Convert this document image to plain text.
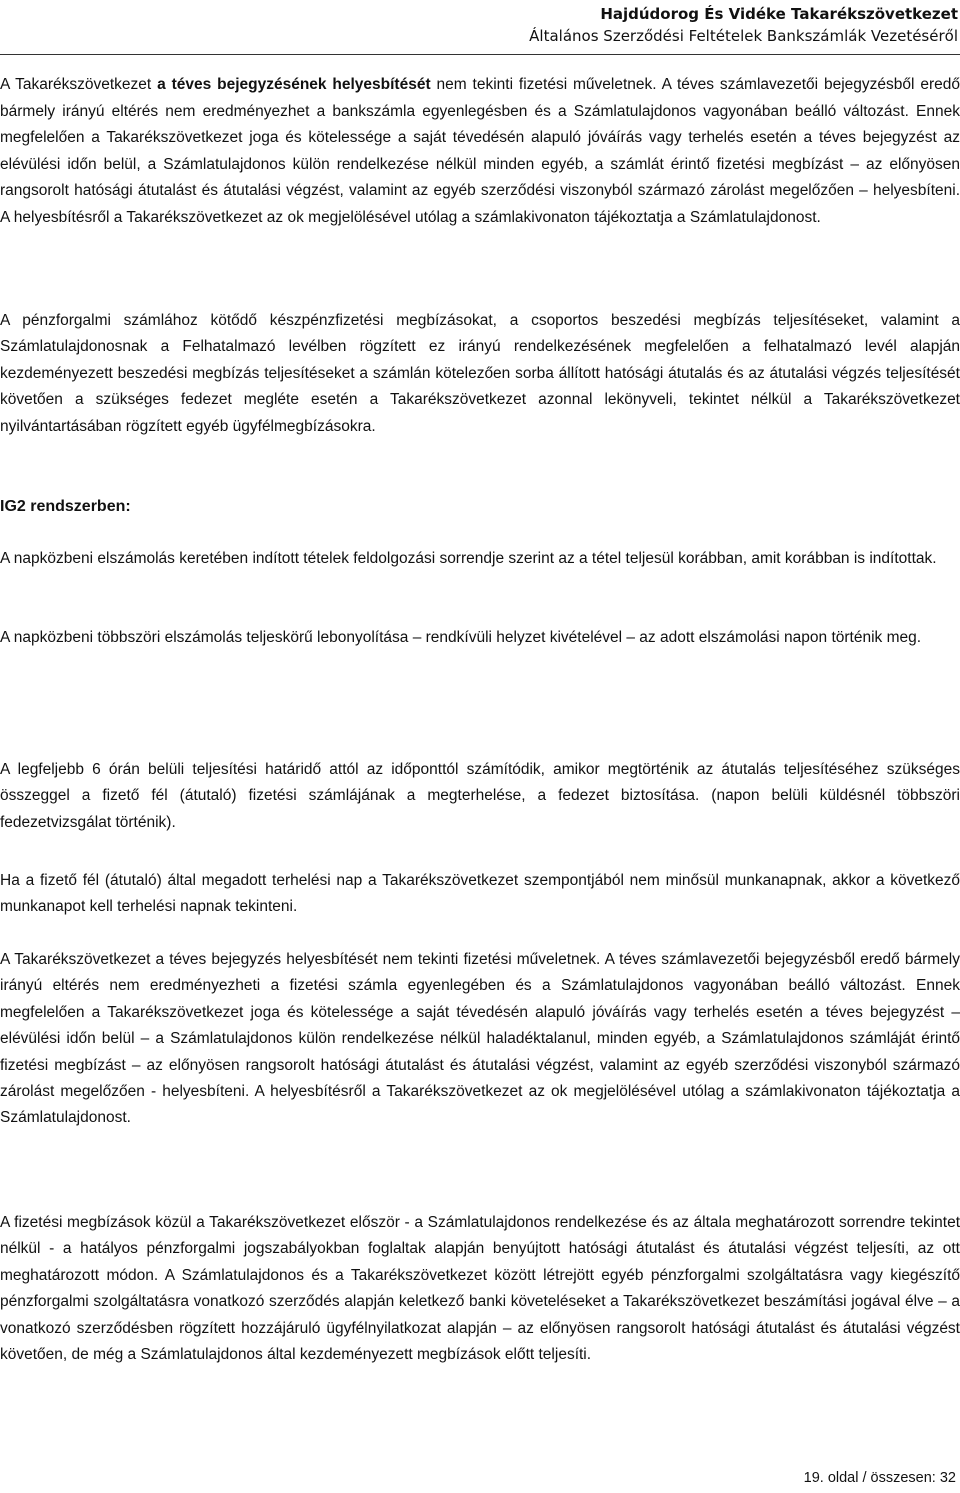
Hajdúdorog És Vidéke Takarékszövetkezet
Általános Szerződési Feltételek Bankszámlák Vezetéséről

A Takarékszövetkezet a téves bejegyzésének helyesbítését nem tekinti fizetési műveletnek. A téves számlavezetői bejegyzésből eredő bármely irányú eltérés nem eredményezhet a bankszámla egyenlegésben és a Számlatulajdonos vagyonában beálló változást. Ennek megfelelően a Takarékszövetkezet joga és kötelessége a saját tévedésén alapuló jóváírás vagy terhelés esetén a téves bejegyzést az elévülési időn belül, a Számlatulajdonos külön rendelkezése nélkül minden egyéb, a számlát érintő fizetési megbízást – az előnyösen rangsorolt hatósági átutalást és átutalási végzést, valamint az egyéb szerződési viszonyból származó zárolást megelőzően – helyesbíteni. A helyesbítésről a Takarékszövetkezet az ok megjelölésével utólag a számlakivonaton tájékoztatja a Számlatulajdonost.

A pénzforgalmi számlához kötődő készpénzfizetési megbízásokat, a csoportos beszedési megbízás teljesítéseket, valamint a Számlatulajdonosnak a Felhatalmazó levélben rögzített ez irányú rendelkezésének megfelelően a felhatalmazó levél alapján kezdeményezett beszedési megbízás teljesítéseket a számlán kötelezően sorba állított hatósági átutalás és az átutalási végzés teljesítését követően a szükséges fedezet megléte esetén a Takarékszövetkezet azonnal lekönyveli, tekintet nélkül a Takarékszövetkezet nyilvántartásában rögzített egyéb ügyfélmegbízásokra.

IG2 rendszerben:

A napközbeni elszámolás keretében indított tételek feldolgozási sorrendje szerint az a tétel teljesül korábban, amit korábban is indítottak.

A napközbeni többszöri elszámolás teljeskörű lebonyolítása – rendkívüli helyzet kivételével – az adott elszámolási napon történik meg.

A legfeljebb 6 órán belüli teljesítési határidő attól az időponttól számítódik, amikor megtörténik az átutalás teljesítéséhez szükséges összeggel a fizető fél (átutaló) fizetési számlájának a megterhelése, a fedezet biztosítása. (napon belüli küldésnél többszöri fedezetvizsgálat történik).

Ha a fizető fél (átutaló) által megadott terhelési nap a Takarékszövetkezet szempontjából nem minősül munkanapnak, akkor a következő munkanapot kell terhelési napnak tekinteni.

A Takarékszövetkezet a téves bejegyzés helyesbítését nem tekinti fizetési műveletnek. A téves számlavezetői bejegyzésből eredő bármely irányú eltérés nem eredményezheti a fizetési számla egyenlegében és a Számlatulajdonos vagyonában beálló változást. Ennek megfelelően a Takarékszövetkezet joga és kötelessége a saját tévedésén alapuló jóváírás vagy terhelés esetén a téves bejegyzést – elévülési időn belül – a Számlatulajdonos külön rendelkezése nélkül haladéktalanul, minden egyéb, a Számlatulajdonos számláját érintő fizetési megbízást – az előnyösen rangsorolt hatósági átutalást és átutalási végzést, valamint az egyéb szerződési viszonyból származó zárolást megelőzően - helyesbíteni. A helyesbítésről a Takarékszövetkezet az ok megjelölésével utólag a számlakivonaton tájékoztatja a Számlatulajdonost.

A fizetési megbízások közül a Takarékszövetkezet először - a Számlatulajdonos rendelkezése és az általa meghatározott sorrendre tekintet nélkül - a hatályos pénzforgalmi jogszabályokban foglaltak alapján benyújtott hatósági átutalást és átutalási végzést teljesíti, az ott meghatározott módon. A Számlatulajdonos és a Takarékszövetkezet között létrejött egyéb pénzforgalmi szolgáltatásra vagy kiegészítő pénzforgalmi szolgáltatásra vonatkozó szerződés alapján keletkező banki követeléseket a Takarékszövetkezet beszámítási jogával élve – a vonatkozó szerződésben rögzített hozzájáruló ügyfélnyilatkozat alapján – az előnyösen rangsorolt hatósági átutalást és átutalási végzést követően, de még a Számlatulajdonos által kezdeményezett megbízások előtt teljesíti.

19. oldal / összesen: 32
